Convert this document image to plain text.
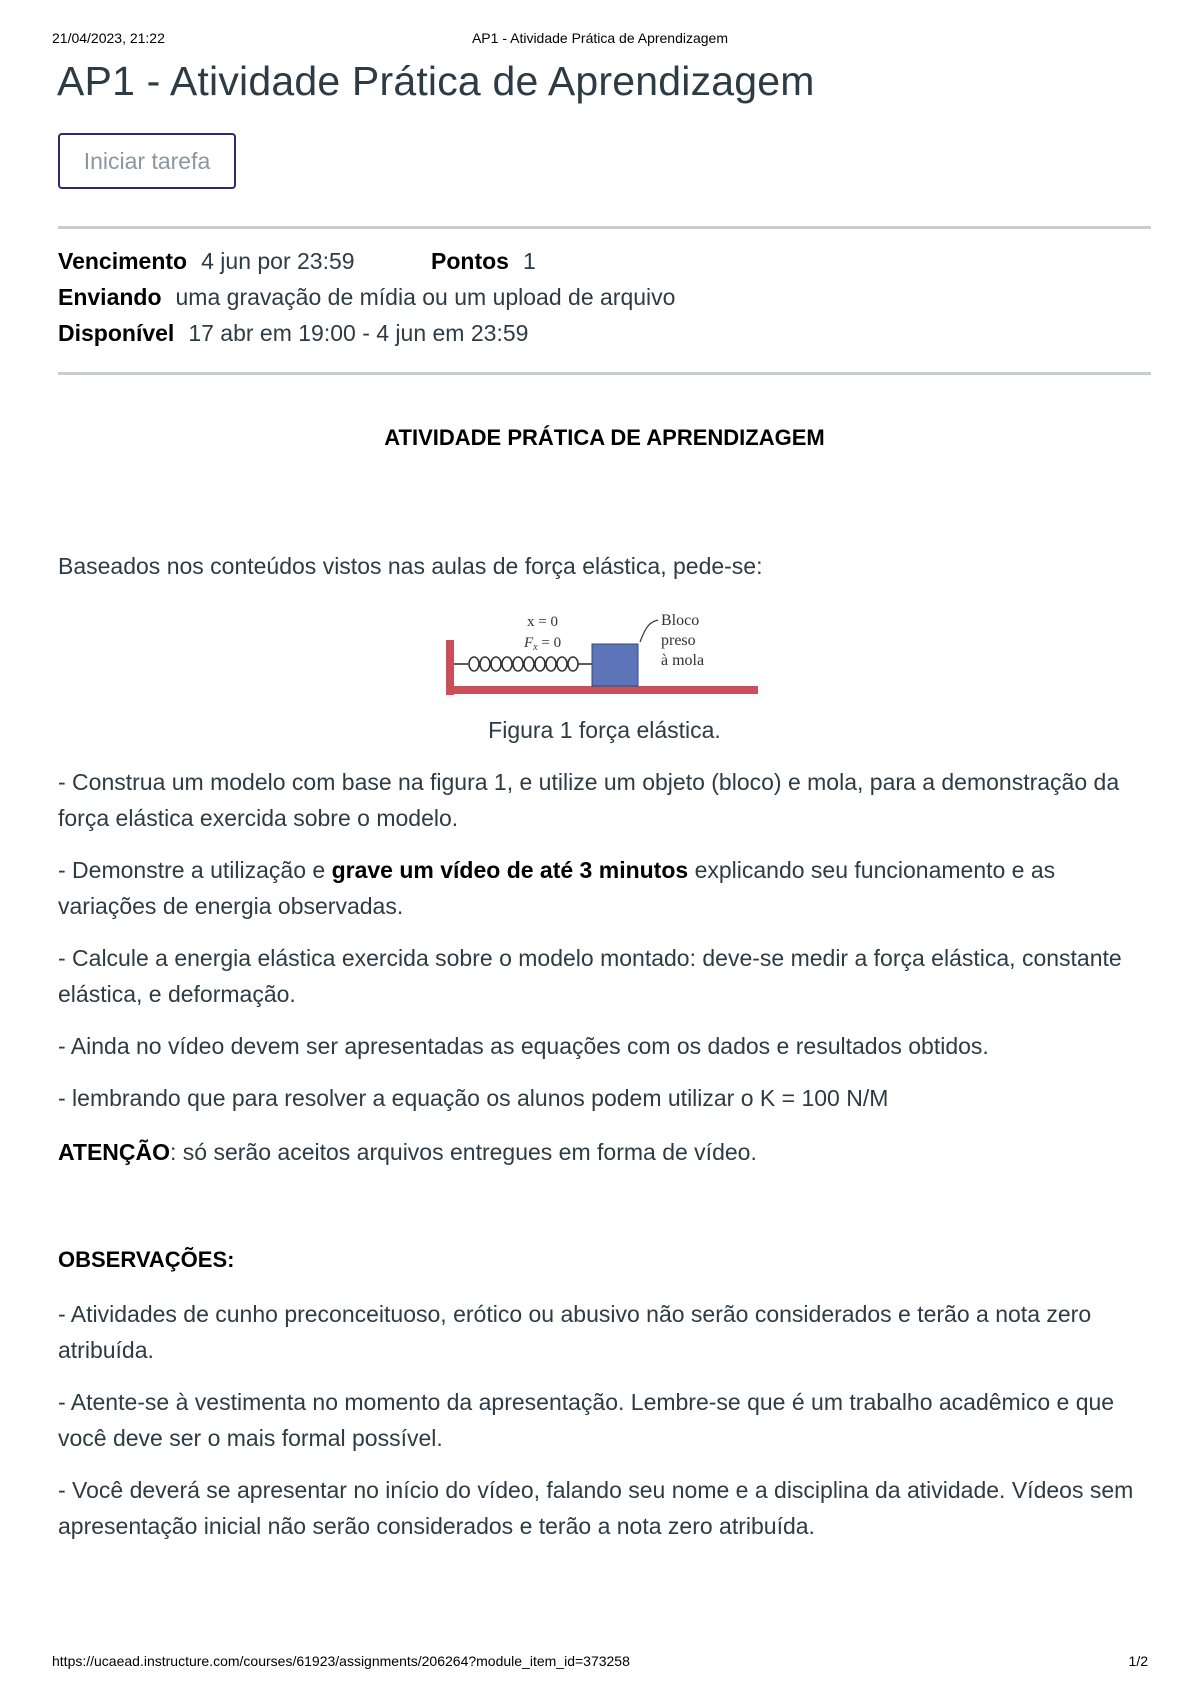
21/04/2023, 21:22	AP1 - Atividade Prática de Aprendizagem
AP1 - Atividade Prática de Aprendizagem
Iniciar tarefa
Vencimento 4 jun por 23:59	Pontos 1
Enviando uma gravação de mídia ou um upload de arquivo
Disponível 17 abr em 19:00 - 4 jun em 23:59

ATIVIDADE PRÁTICA DE APRENDIZAGEM

Baseados nos conteúdos vistos nas aulas de força elástica, pede-se:

x = 0
$F_x = 0$
Bloco
preso
à mola

Figura 1 força elástica.

- Construa um modelo com base na figura 1, e utilize um objeto (bloco) e mola, para a demonstração da força elástica exercida sobre o modelo.

- Demonstre a utilização e grave um vídeo de até 3 minutos explicando seu funcionamento e as variações de energia observadas.

- Calcule a energia elástica exercida sobre o modelo montado: deve-se medir a força elástica, constante elástica, e deformação.

- Ainda no vídeo devem ser apresentadas as equações com os dados e resultados obtidos.

- lembrando que para resolver a equação os alunos podem utilizar o K = 100 N/M

ATENÇÃO: só serão aceitos arquivos entregues em forma de vídeo.

OBSERVAÇÕES:

- Atividades de cunho preconceituoso, erótico ou abusivo não serão considerados e terão a nota zero atribuída.

- Atente-se à vestimenta no momento da apresentação. Lembre-se que é um trabalho acadêmico e que você deve ser o mais formal possível.

- Você deverá se apresentar no início do vídeo, falando seu nome e a disciplina da atividade. Vídeos sem apresentação inicial não serão considerados e terão a nota zero atribuída.

https://ucaead.instructure.com/courses/61923/assignments/206264?module_item_id=373258	1/2
